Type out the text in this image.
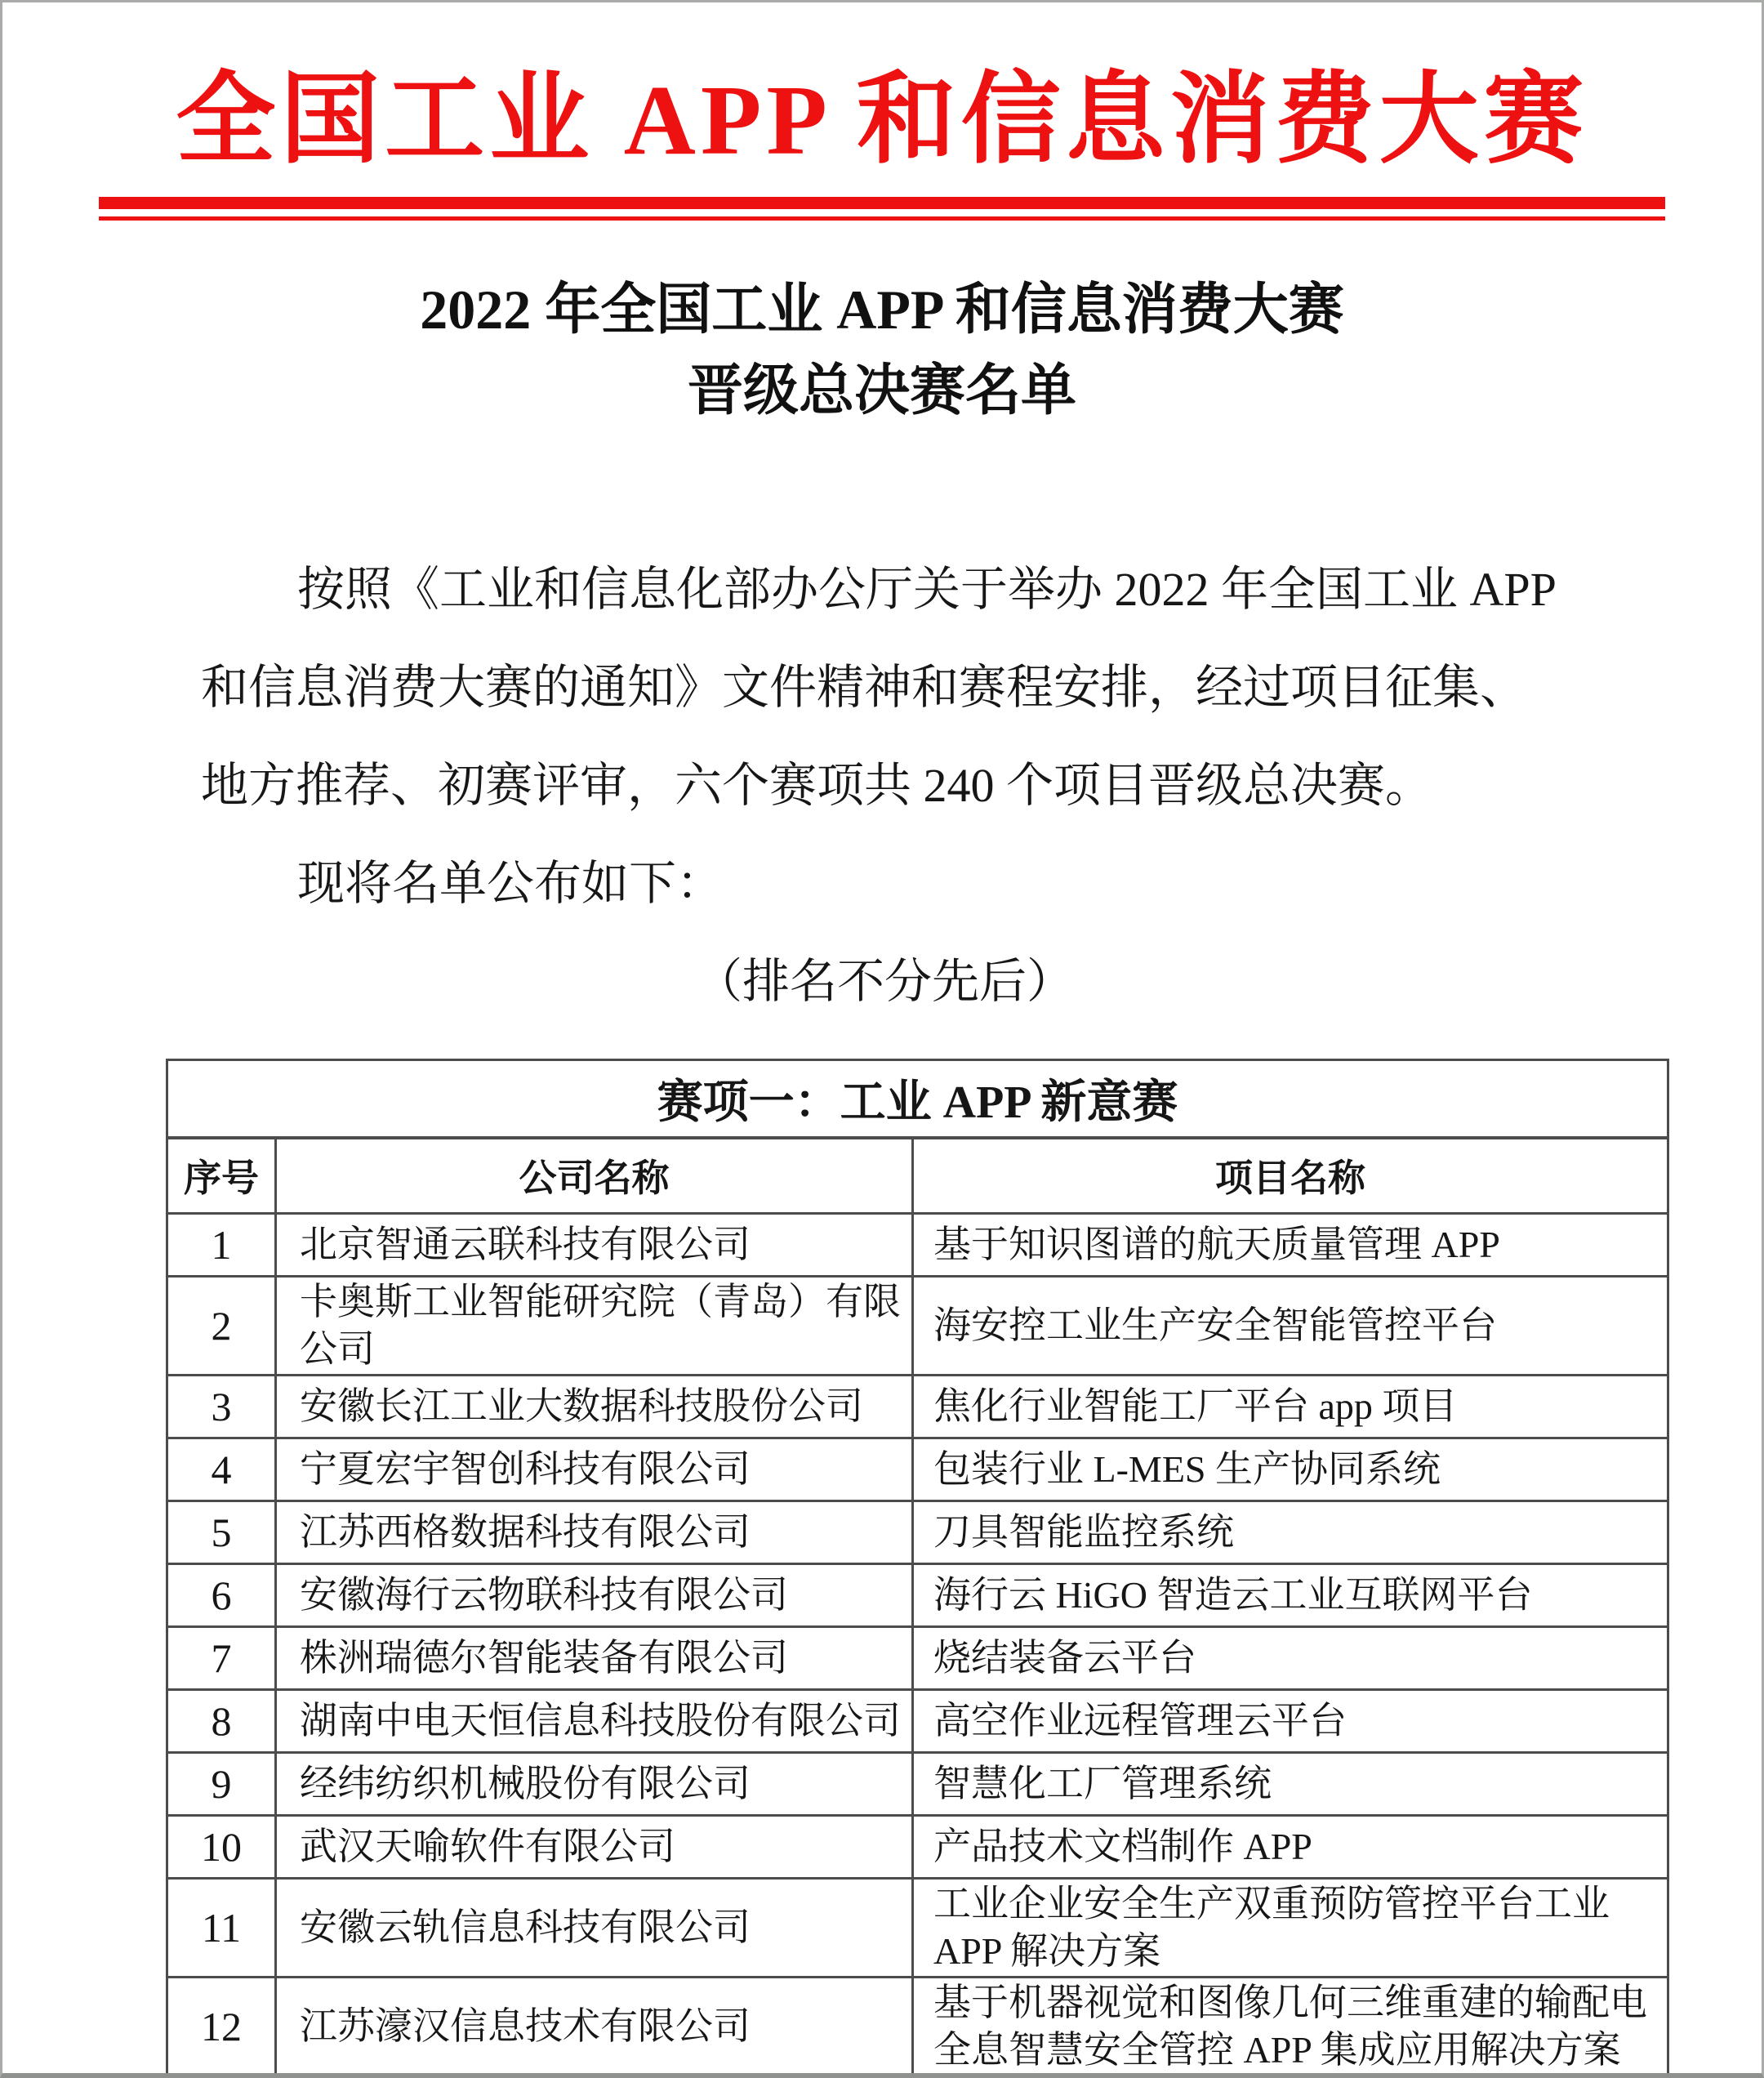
全国工业 APP 和信息消费大赛
2022 年全国工业 APP 和信息消费大赛
晋级总决赛名单
按照《工业和信息化部办公厅关于举办 2022 年全国工业 APP
和信息消费大赛的通知》文件精神和赛程安排，经过项目征集、
地方推荐、初赛评审，六个赛项共 240 个项目晋级总决赛。
现将名单公布如下：
（排名不分先后）
赛项一：工业 APP 新意赛		
序号	公司名称	项目名称
1	北京智通云联科技有限公司	基于知识图谱的航天质量管理 APP
2	卡奥斯工业智能研究院（青岛）有限公司	海安控工业生产安全智能管控平台
3	安徽长江工业大数据科技股份公司	焦化行业智能工厂平台 app 项目
4	宁夏宏宇智创科技有限公司	包装行业 L-MES 生产协同系统
5	江苏西格数据科技有限公司	刀具智能监控系统
6	安徽海行云物联科技有限公司	海行云 HiGO 智造云工业互联网平台
7	株洲瑞德尔智能装备有限公司	烧结装备云平台
8	湖南中电天恒信息科技股份有限公司	高空作业远程管理云平台
9	经纬纺织机械股份有限公司	智慧化工厂管理系统
10	武汉天喻软件有限公司	产品技术文档制作 APP
11	安徽云轨信息科技有限公司	工业企业安全生产双重预防管控平台工业 APP 解决方案
12	江苏濠汉信息技术有限公司	基于机器视觉和图像几何三维重建的输配电全息智慧安全管控 APP 集成应用解决方案
